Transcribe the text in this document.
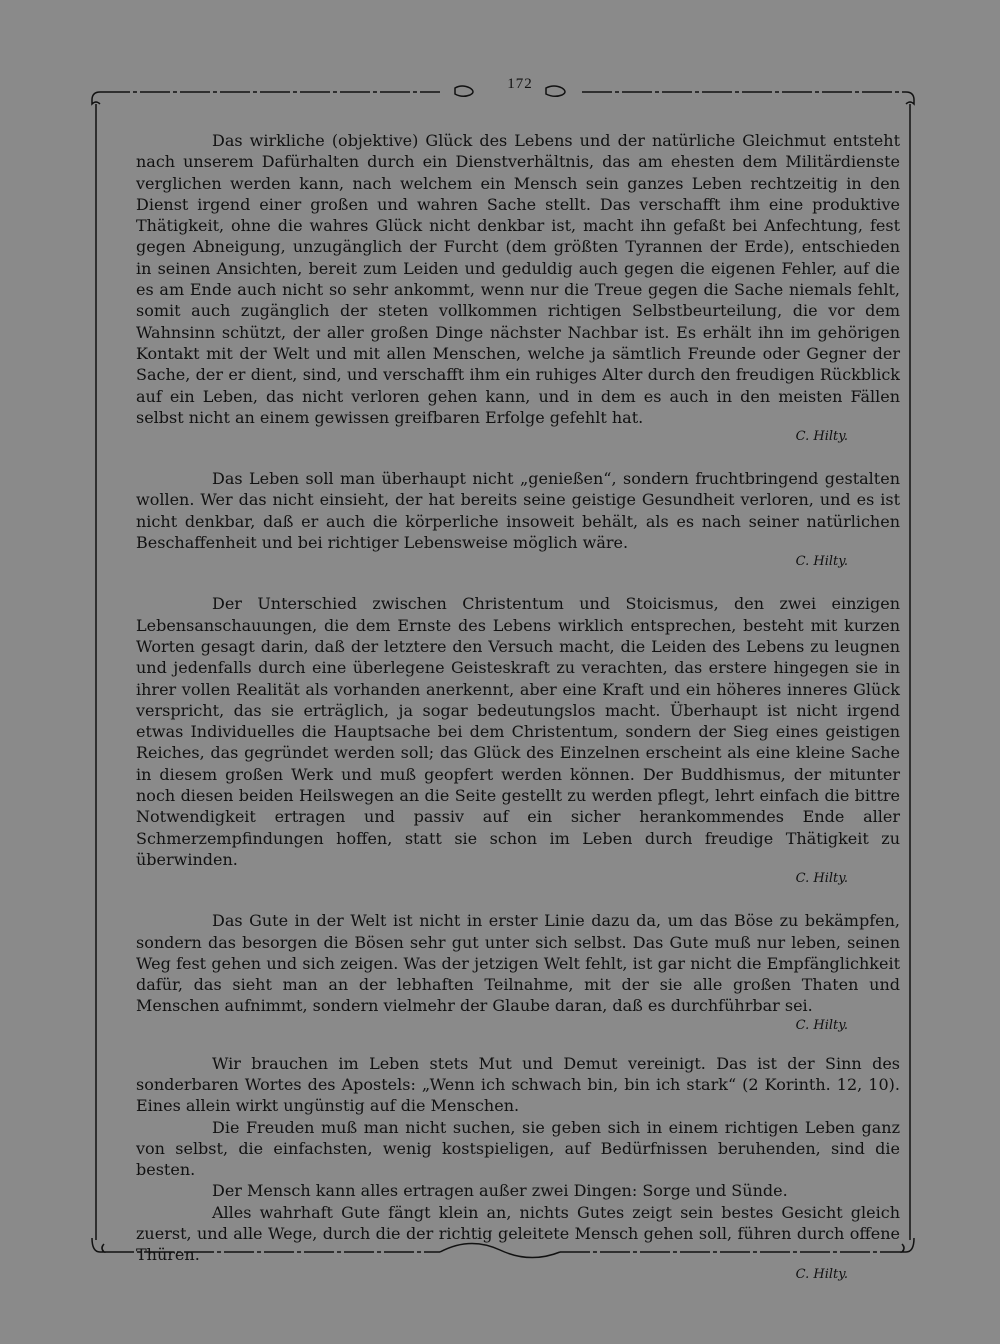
172

Das wirkliche (objektive) Glück des Lebens und der natürliche Gleichmut entsteht nach unserem Dafürhalten durch ein Dienstverhältnis, das am ehesten dem Militärdienste verglichen werden kann, nach welchem ein Mensch sein ganzes Leben rechtzeitig in den Dienst irgend einer großen und wahren Sache stellt. Das verschafft ihm eine produktive Thätigkeit, ohne die wahres Glück nicht denkbar ist, macht ihn gefaßt bei Anfechtung, fest gegen Abneigung, unzugänglich der Furcht (dem größten Tyrannen der Erde), entschieden in seinen Ansichten, bereit zum Leiden und geduldig auch gegen die eigenen Fehler, auf die es am Ende auch nicht so sehr ankommt, wenn nur die Treue gegen die Sache niemals fehlt, somit auch zugänglich der steten vollkommen richtigen Selbstbeurteilung, die vor dem Wahnsinn schützt, der aller großen Dinge nächster Nachbar ist. Es erhält ihn im gehörigen Kontakt mit der Welt und mit allen Menschen, welche ja sämtlich Freunde oder Gegner der Sache, der er dient, sind, und verschafft ihm ein ruhiges Alter durch den freudigen Rückblick auf ein Leben, das nicht verloren gehen kann, und in dem es auch in den meisten Fällen selbst nicht an einem gewissen greifbaren Erfolge gefehlt hat.

C. Hilty.

Das Leben soll man überhaupt nicht „genießen“, sondern fruchtbringend gestalten wollen. Wer das nicht einsieht, der hat bereits seine geistige Gesundheit verloren, und es ist nicht denkbar, daß er auch die körperliche insoweit behält, als es nach seiner natürlichen Beschaffenheit und bei richtiger Lebensweise möglich wäre.

C. Hilty.

Der Unterschied zwischen Christentum und Stoicismus, den zwei einzigen Lebensanschauungen, die dem Ernste des Lebens wirklich entsprechen, besteht mit kurzen Worten gesagt darin, daß der letztere den Versuch macht, die Leiden des Lebens zu leugnen und jedenfalls durch eine überlegene Geisteskraft zu verachten, das erstere hingegen sie in ihrer vollen Realität als vorhanden anerkennt, aber eine Kraft und ein höheres inneres Glück verspricht, das sie erträglich, ja sogar bedeutungslos macht. Überhaupt ist nicht irgend etwas Individuelles die Hauptsache bei dem Christentum, sondern der Sieg eines geistigen Reiches, das gegründet werden soll; das Glück des Einzelnen erscheint als eine kleine Sache in diesem großen Werk und muß geopfert werden können. Der Buddhismus, der mitunter noch diesen beiden Heilswegen an die Seite gestellt zu werden pflegt, lehrt einfach die bittre Notwendigkeit ertragen und passiv auf ein sicher herankommendes Ende aller Schmerzempfindungen hoffen, statt sie schon im Leben durch freudige Thätigkeit zu überwinden.

C. Hilty.

Das Gute in der Welt ist nicht in erster Linie dazu da, um das Böse zu bekämpfen, sondern das besorgen die Bösen sehr gut unter sich selbst. Das Gute muß nur leben, seinen Weg fest gehen und sich zeigen. Was der jetzigen Welt fehlt, ist gar nicht die Empfänglichkeit dafür, das sieht man an der lebhaften Teilnahme, mit der sie alle großen Thaten und Menschen aufnimmt, sondern vielmehr der Glaube daran, daß es durchführbar sei.

C. Hilty.

Wir brauchen im Leben stets Mut und Demut vereinigt. Das ist der Sinn des sonderbaren Wortes des Apostels: „Wenn ich schwach bin, bin ich stark“ (2 Korinth. 12, 10). Eines allein wirkt ungünstig auf die Menschen.

Die Freuden muß man nicht suchen, sie geben sich in einem richtigen Leben ganz von selbst, die einfachsten, wenig kostspieligen, auf Bedürfnissen beruhenden, sind die besten.

Der Mensch kann alles ertragen außer zwei Dingen: Sorge und Sünde.

Alles wahrhaft Gute fängt klein an, nichts Gutes zeigt sein bestes Gesicht gleich zuerst, und alle Wege, durch die der richtig geleitete Mensch gehen soll, führen durch offene Thüren.

C. Hilty.
